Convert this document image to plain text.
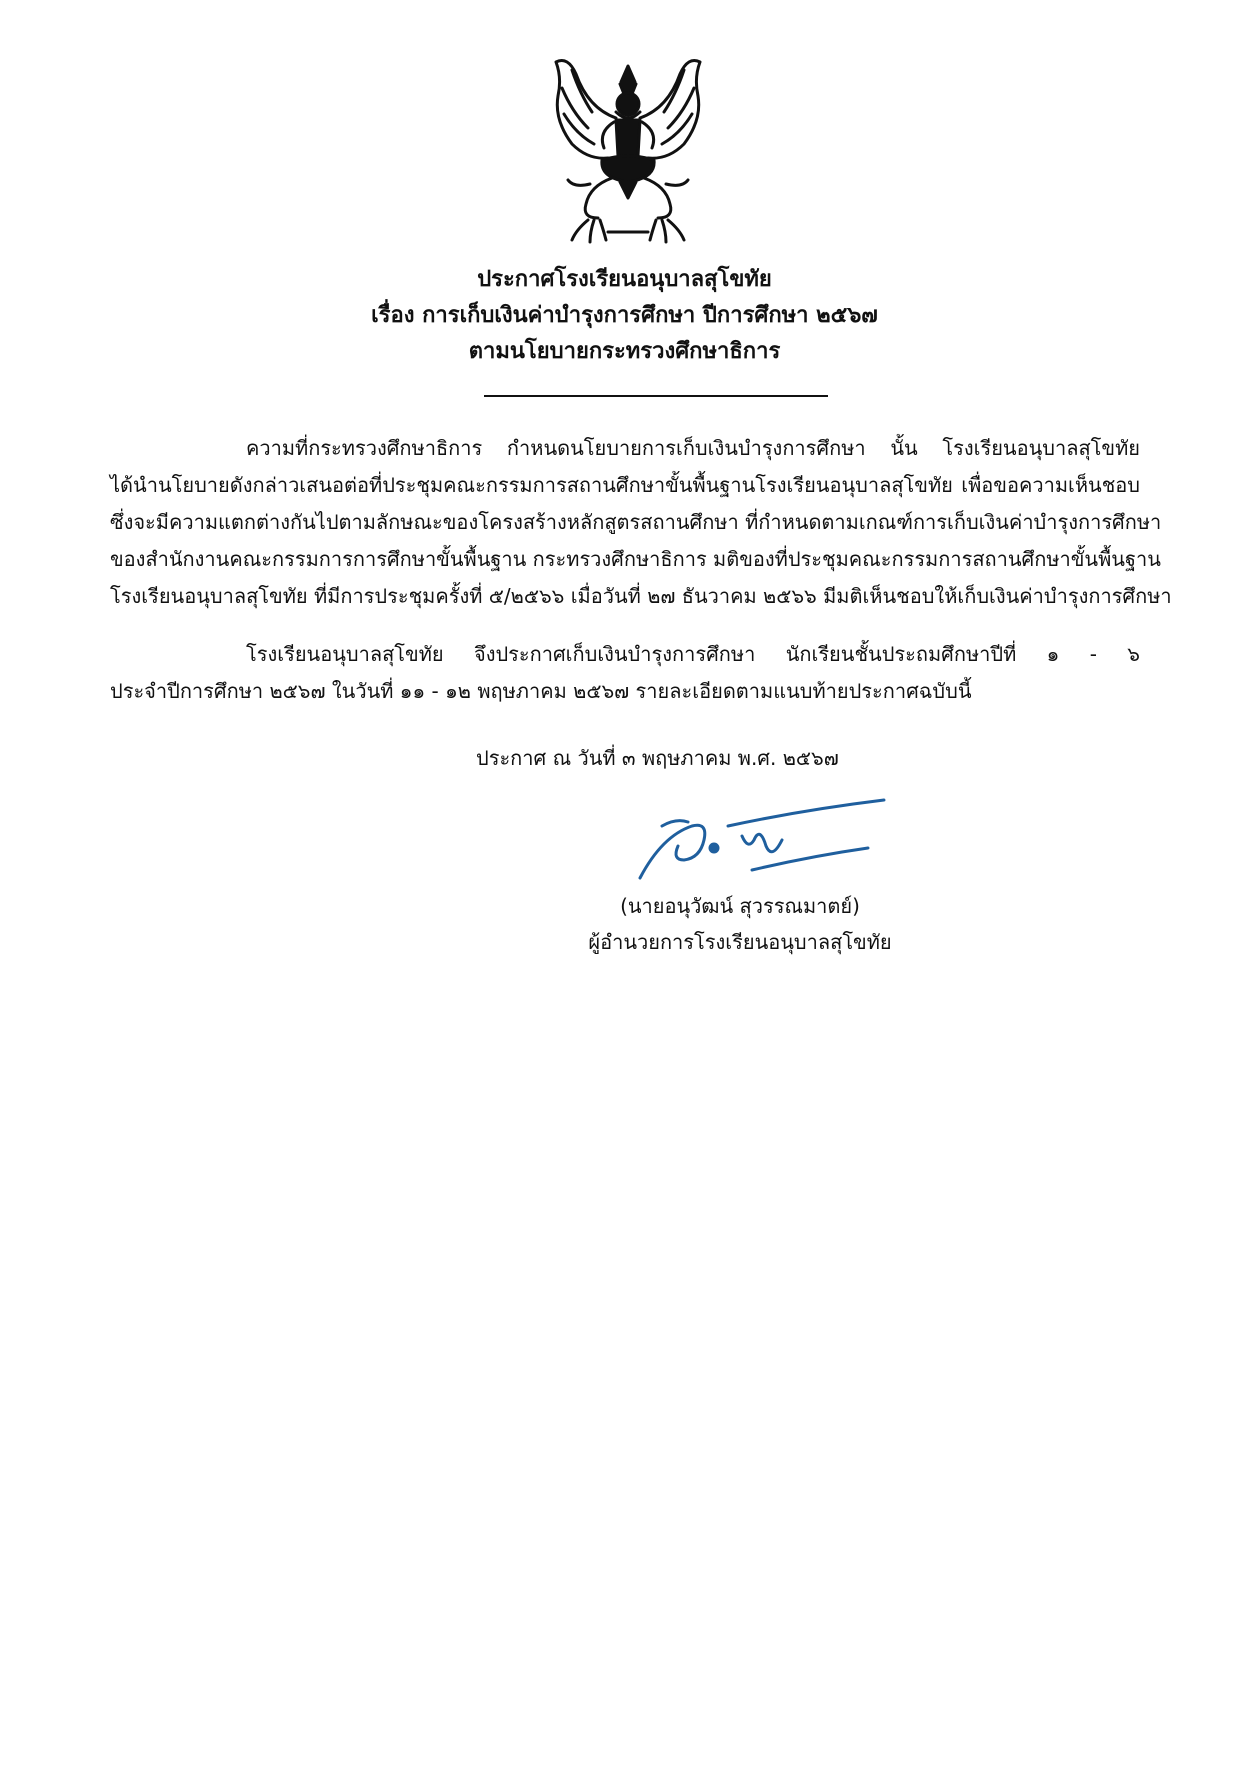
ประกาศโรงเรียนอนุบาลสุโขทัย
เรื่อง การเก็บเงินค่าบำรุงการศึกษา ปีการศึกษา ๒๕๖๗
ตามนโยบายกระทรวงศึกษาธิการ
ความที่กระทรวงศึกษาธิการ กำหนดนโยบายการเก็บเงินบำรุงการศึกษา นั้น โรงเรียนอนุบาลสุโขทัย
ได้นำนโยบายดังกล่าวเสนอต่อที่ประชุมคณะกรรมการสถานศึกษาขั้นพื้นฐานโรงเรียนอนุบาลสุโขทัย เพื่อขอความเห็นชอบ
ซึ่งจะมีความแตกต่างกันไปตามลักษณะของโครงสร้างหลักสูตรสถานศึกษา ที่กำหนดตามเกณฑ์การเก็บเงินค่าบำรุงการศึกษา
ของสำนักงานคณะกรรมการการศึกษาขั้นพื้นฐาน กระทรวงศึกษาธิการ มติของที่ประชุมคณะกรรมการสถานศึกษาขั้นพื้นฐาน
โรงเรียนอนุบาลสุโขทัย ที่มีการประชุมครั้งที่ ๕/๒๕๖๖ เมื่อวันที่ ๒๗ ธันวาคม ๒๕๖๖ มีมติเห็นชอบให้เก็บเงินค่าบำรุงการศึกษา
โรงเรียนอนุบาลสุโขทัย จึงประกาศเก็บเงินบำรุงการศึกษา นักเรียนชั้นประถมศึกษาปีที่ ๑ - ๖
ประจำปีการศึกษา ๒๕๖๗ ในวันที่ ๑๑ - ๑๒ พฤษภาคม ๒๕๖๗ รายละเอียดตามแนบท้ายประกาศฉบับนี้
ประกาศ ณ วันที่ ๓ พฤษภาคม พ.ศ. ๒๕๖๗
(นายอนุวัฒน์ สุวรรณมาตย์)
ผู้อำนวยการโรงเรียนอนุบาลสุโขทัย
